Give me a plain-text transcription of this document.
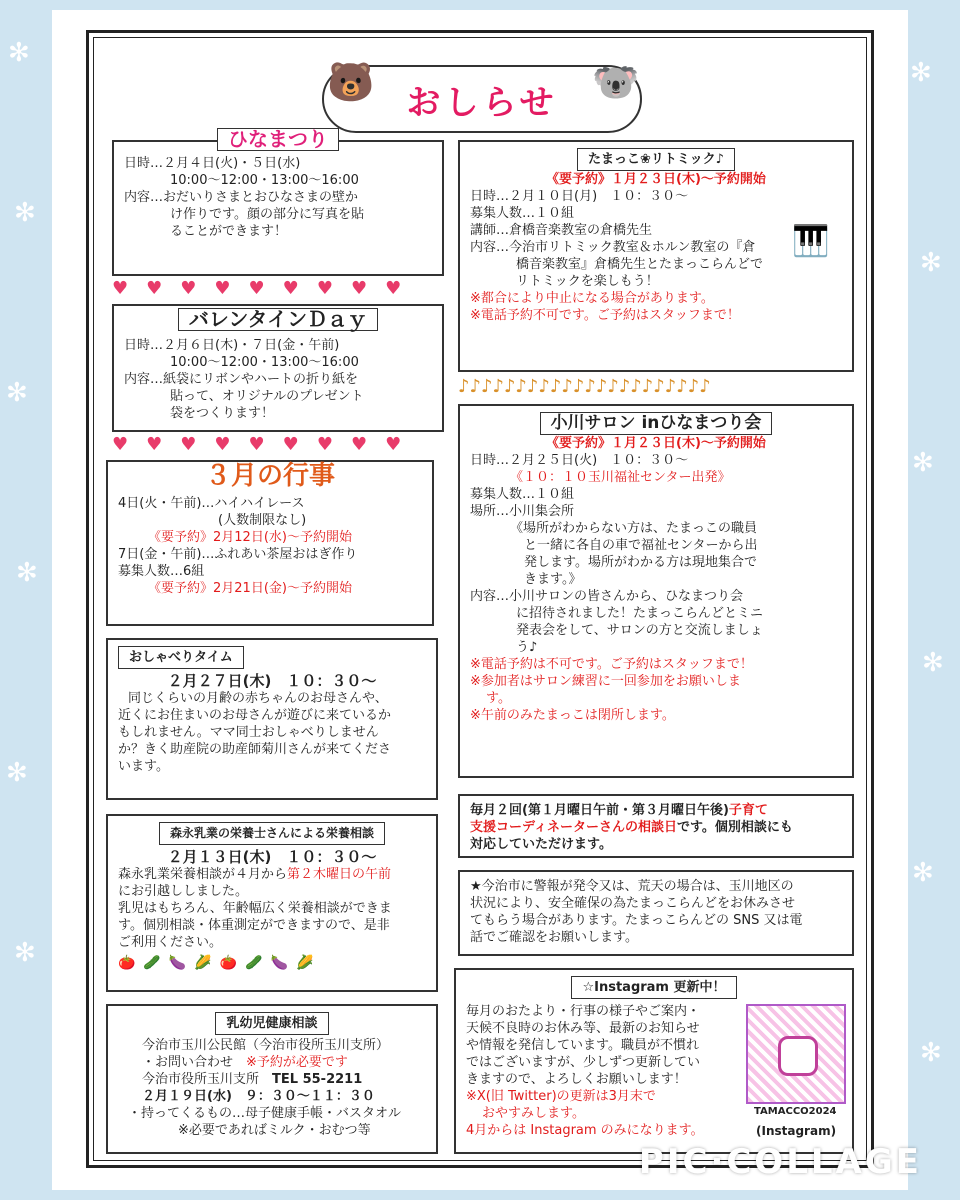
✻
✻
✻
✻
✻
✻
✻
✻
✻
✻
✻
✻
おしらせ
🐻	🐨
ひなまつり
日時…２月４日(火)・５日(水)
10:00〜12:00・13:00〜16:00
内容…おだいりさまとおひなさまの壁か
け作りです。顔の部分に写真を貼
ることができます！
♥♥♥♥♥♥♥♥♥
バレンタインＤａｙ
日時…２月６日(木)・７日(金・午前)
10:00〜12:00・13:00〜16:00
内容…紙袋にリボンやハートの折り紙を
貼って、オリジナルのプレゼント
袋をつくります！
♥♥♥♥♥♥♥♥♥
３月の行事
4日(火・午前)…ハイハイレース
(人数制限なし)
《要予約》2月12日(水)〜予約開始
7日(金・午前)…ふれあい茶屋おはぎ作り
募集人数…6組
《要予約》2月21日(金)〜予約開始
おしゃべりタイム
２月２７日(木)　１０：３０〜
同じくらいの月齢の赤ちゃんのお母さんや、
近くにお住まいのお母さんが遊びに来ているか
もしれません。ママ同士おしゃべりしません
か？きく助産院の助産師菊川さんが来てくださ
います。
森永乳業の栄養士さんによる栄養相談
２月１３日(木)　１０：３０〜
森永乳業栄養相談が４月から第２木曜日の午前
にお引越ししました。
乳児はもちろん、年齢幅広く栄養相談ができま
す。個別相談・体重測定ができますので、是非
ご利用ください。
🍅🥒🍆🌽🍅🥒🍆🌽
乳幼児健康相談
今治市玉川公民館（今治市役所玉川支所）
・お問い合わせ　 ※予約が必要です
今治市役所玉川支所　 TEL 55-2211
２月１９日(水)　９：３０〜１１：３０
・持ってくるもの…母子健康手帳・バスタオル
※必要であればミルク・おむつ等
たまっこ❀リトミック♪
《要予約》１月２３日(木)〜予約開始
日時…２月１０日(月)　１０：３０〜
募集人数…１０組
講師…倉橋音楽教室の倉橋先生
内容…今治市リトミック教室＆ホルン教室の『倉
橋音楽教室』倉橋先生とたまっこらんどで
リトミックを楽しもう！
※都合により中止になる場合があります。
※電話予約不可です。ご予約はスタッフまで！
🎹
♪♪♪♪♪♪♪♪♪♪♪♪♪♪♪♪♪♪♪♪♪♪
小川サロン inひなまつり会
《要予約》１月２３日(木)〜予約開始
日時…２月２５日(火)　１０：３０〜
《１０：１０玉川福祉センター出発》
募集人数…１０組
場所…小川集会所
《場所がわからない方は、たまっこの職員
と一緒に各自の車で福祉センターから出
発します。場所がわかる方は現地集合で
きます。》
内容…小川サロンの皆さんから、ひなまつり会
に招待されました！たまっこらんどとミニ
発表会をして、サロンの方と交流しましょ
う♪
※電話予約は不可です。ご予約はスタッフまで！
※参加者はサロン練習に一回参加をお願いしま
す。
※午前のみたまっこは閉所します。
毎月２回(第１月曜日午前・第３月曜日午後)子育て
支援コーディネーターさんの相談日です。個別相談にも
対応していただけます。
★今治市に警報が発令又は、荒天の場合は、玉川地区の
状況により、安全確保の為たまっこらんどをお休みさせ
てもらう場合があります。たまっこらんどの SNS 又は電
話でご確認をお願いします。
☆Instagram 更新中！
毎月のおたより・行事の様子やご案内・
天候不良時のお休み等、最新のお知らせ
や情報を発信しています。職員が不慣れ
ではございますが、少しずつ更新してい
きますので、よろしくお願いします！
※X(旧 Twitter)の更新は3月末で
おやすみします。
4月からは Instagram のみになります。
TAMACCO2024
(Instagram)
PIC·COLLAGE
